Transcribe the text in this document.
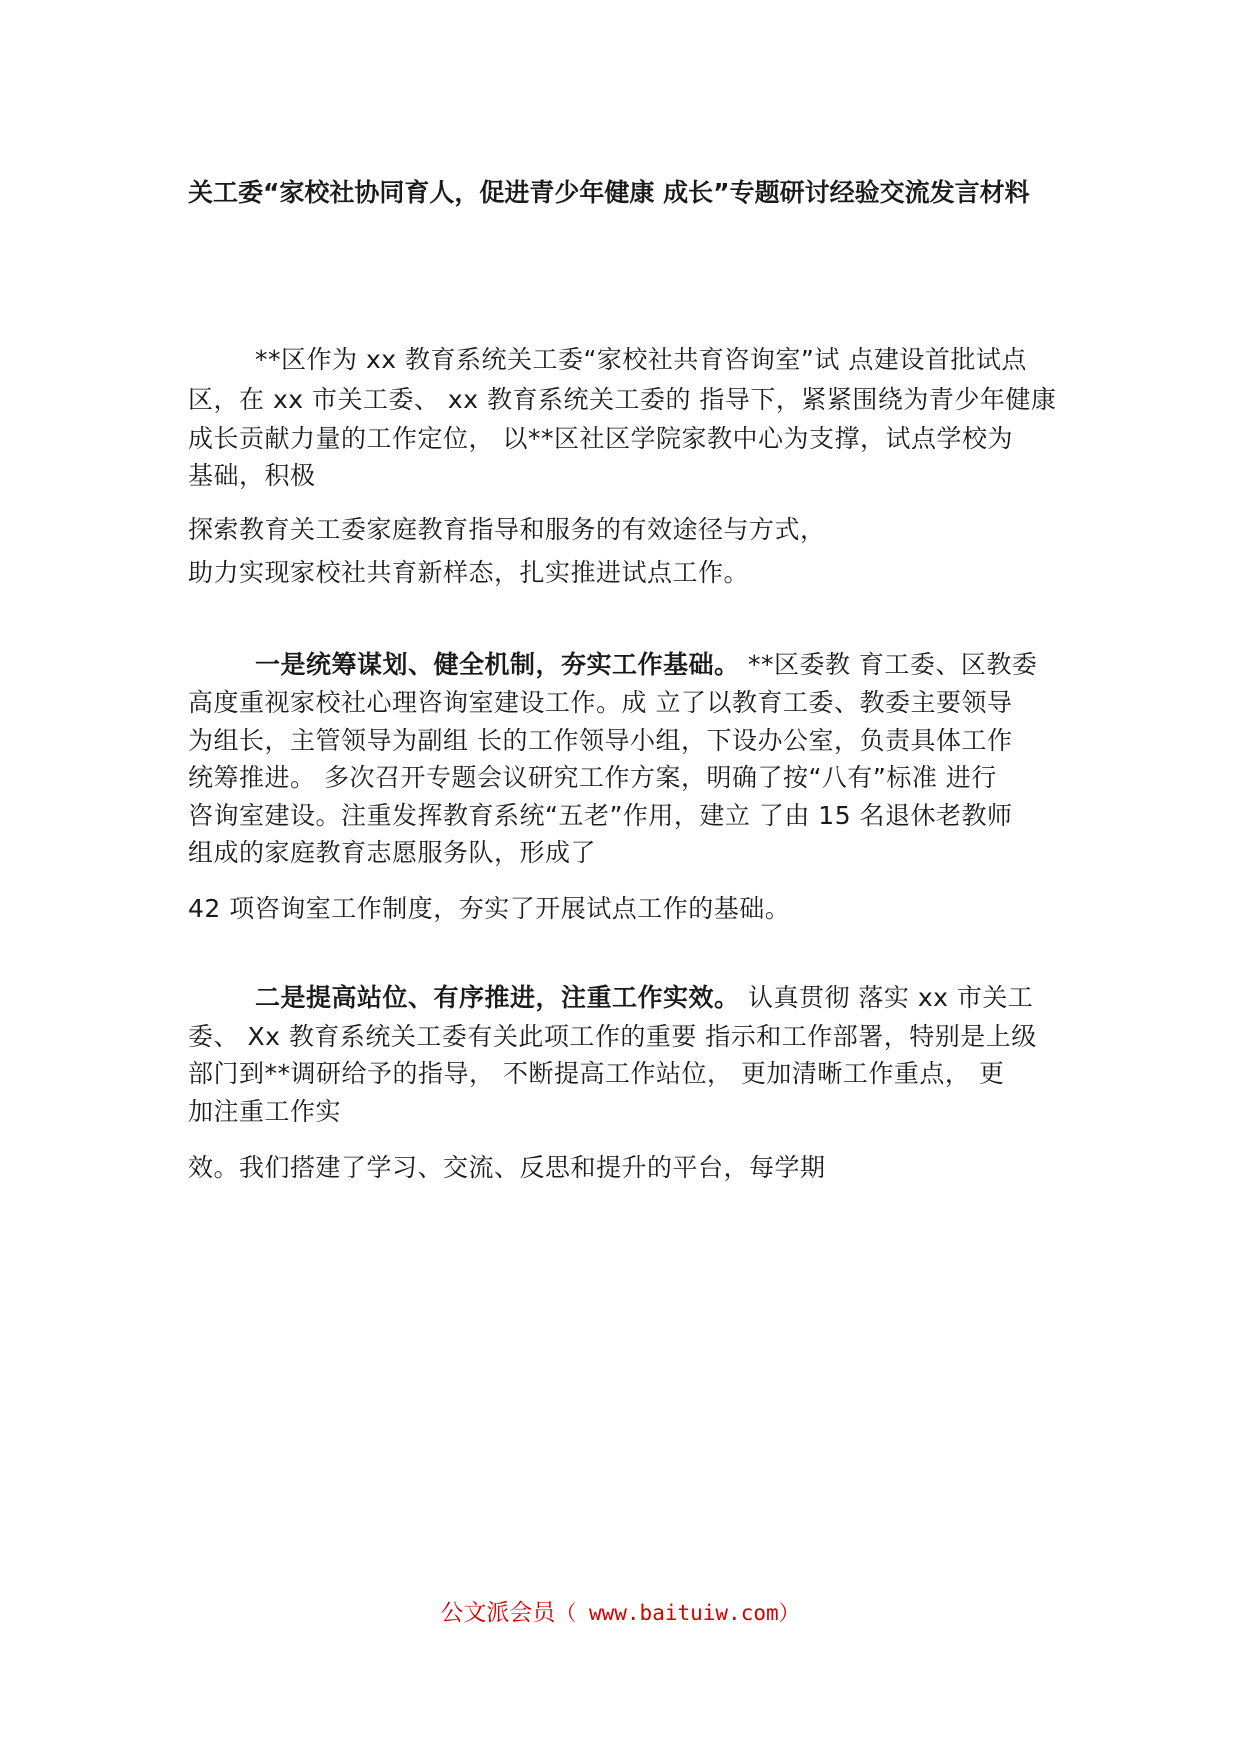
关工委“家校社协同育人，促进青少年健康 成长”专题研讨经验交流发言材料
**区作为 xx 教育系统关工委“家校社共育咨询室”试 点建设首批试点
区，在 xx 市关工委、 xx 教育系统关工委的 指导下，紧紧围绕为青少年健康
成长贡献力量的工作定位， 以**区社区学院家教中心为支撑，试点学校为
基础，积极
探索教育关工委家庭教育指导和服务的有效途径与方式，
助力实现家校社共育新样态，扎实推进试点工作。
一是统筹谋划、健全机制，夯实工作基础。 **区委教 育工委、区教委
高度重视家校社心理咨询室建设工作。成 立了以教育工委、教委主要领导
为组长，主管领导为副组 长的工作领导小组，下设办公室，负责具体工作
统筹推进。 多次召开专题会议研究工作方案，明确了按“八有”标准 进行
咨询室建设。注重发挥教育系统“五老”作用，建立 了由 15 名退休老教师
组成的家庭教育志愿服务队，形成了
42 项咨询室工作制度，夯实了开展试点工作的基础。
二是提高站位、有序推进，注重工作实效。 认真贯彻 落实 xx 市关工
委、 Xx 教育系统关工委有关此项工作的重要 指示和工作部署，特别是上级
部门到**调研给予的指导， 不断提高工作站位， 更加清晰工作重点， 更
加注重工作实
效。我们搭建了学习、交流、反思和提升的平台，每学期
公文派会员（ www.baituiw.com）
